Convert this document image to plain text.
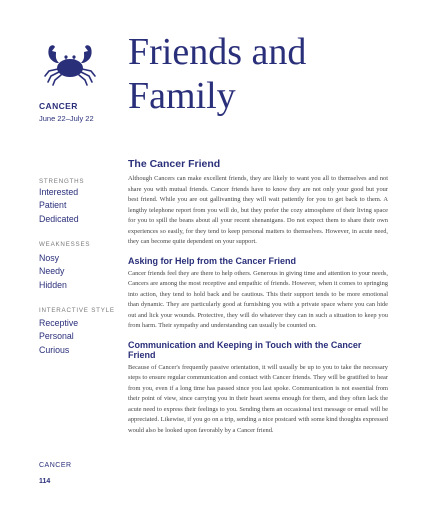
CANCER
June 22–July 22
STRENGTHS
Interested
Patient
Dedicated
WEAKNESSES
Nosy
Needy
Hidden
INTERACTIVE STYLE
Receptive
Personal
Curious
CANCER
114
Friends and
Family
The Cancer Friend

Although Cancers can make excellent friends, they are likely to want you all to themselves and not share you with mutual friends. Cancer friends have to know they are not only your good but your best friend. While you are out gallivanting they will wait patiently for you to get back to them. A lengthy telephone report from you will do, but they prefer the cozy atmosphere of their living space for you to spill the beans about all your recent shenanigans. Do not expect them to share their own experiences so easily, for they tend to keep personal matters to themselves. However, in acute need, they can become quite dependent on your support.

Asking for Help from the Cancer Friend

Cancer friends feel they are there to help others. Generous in giving time and attention to your needs, Cancers are among the most receptive and empathic of friends. However, when it comes to springing into action, they tend to hold back and be cautious. This their support tends to be more emotional than dynamic. They are particularly good at furnishing you with a private space where you can hide out and lick your wounds. Protective, they will do whatever they can in such a situation to keep you from harm. Their sympathy and understanding can usually be counted on.

Communication and Keeping in Touch with the Cancer Friend

Because of Cancer's frequently passive orientation, it will usually be up to you to take the necessary steps to ensure regular communication and contact with Cancer friends. They will be gratified to hear from you, even if a long time has passed since you last spoke. Communication is not essential from their point of view, since carrying you in their heart seems enough for them, and they often lack the acute need to express their feelings to you. Sending them an occasional text message or email will be appreciated. Likewise, if you go on a trip, sending a nice postcard with some kind thoughts expressed would also be looked upon favorably by a Cancer friend.
